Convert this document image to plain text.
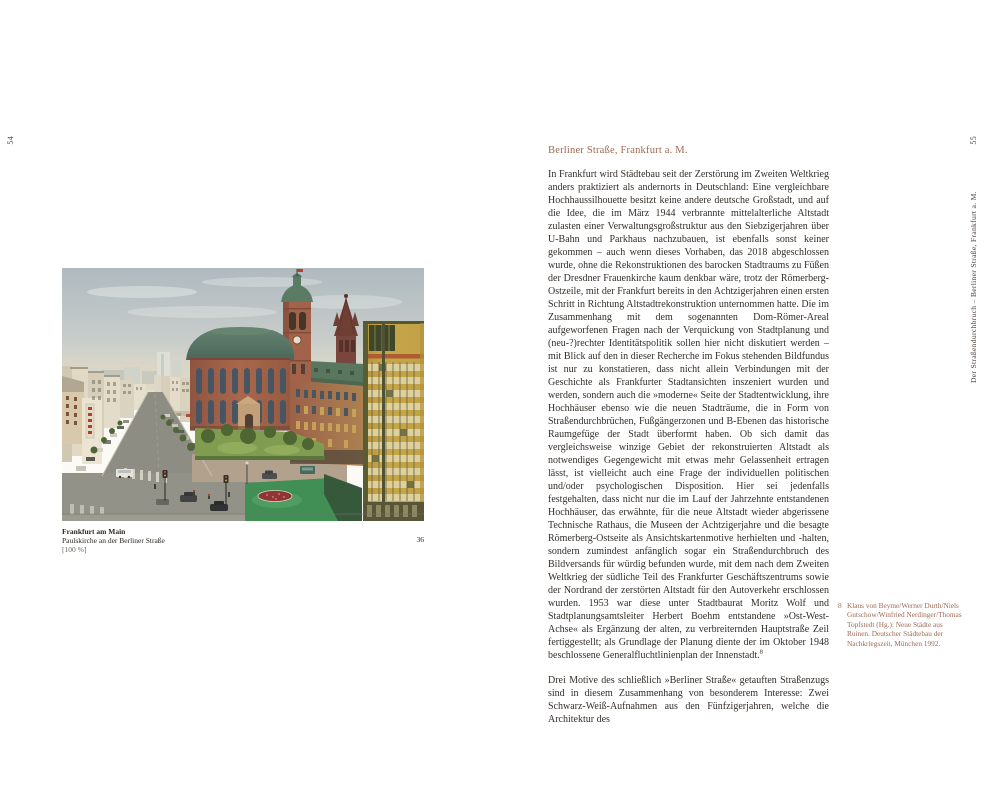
54
Frankfurt am Main
Paulskirche an der Berliner Straße
[100 %]
36
Berliner Straße, Frankfurt a. M.

In Frankfurt wird Städtebau seit der Zerstörung im Zweiten Weltkrieg anders praktiziert als andernorts in Deutschland: Eine vergleichbare Hochhaussilhouette besitzt keine andere deutsche Großstadt, und auf die Idee, die im März 1944 verbrannte mittelalterliche Altstadt zulasten einer Verwaltungsgroßstruktur aus den Siebzigerjahren über U-Bahn und Parkhaus nachzubauen, ist ebenfalls sonst keiner gekommen – auch wenn dieses Vorhaben, das 2018 abgeschlossen wurde, ohne die Rekonstruktionen des barocken Stadtraums zu Füßen der Dresdner Frauenkirche kaum denkbar wäre, trotz der Römerberg-Ostzeile, mit der Frankfurt bereits in den Achtzigerjahren einen ersten Schritt in Richtung Altstadtrekonstruktion unternommen hatte. Die im Zusammenhang mit dem sogenannten Dom-Römer-Areal aufgeworfenen Fragen nach der Verquickung von Stadtplanung und (neu-?)rechter Identitätspolitik sollen hier nicht diskutiert werden – mit Blick auf den in dieser Recherche im Fokus stehenden Bildfundus ist nur zu konstatieren, dass nicht allein Verbindungen mit der Geschichte als Frankfurter Stadtansichten inszeniert wurden und werden, sondern auch die »moderne« Seite der Stadtentwicklung, ihre Hochhäuser ebenso wie die neuen Stadträume, die in Form von Straßendurchbrüchen, Fußgängerzonen und B-Ebenen das historische Raumgefüge der Stadt überformt haben. Ob sich damit das vergleichsweise winzige Gebiet der rekonstruierten Altstadt als notwendiges Gegengewicht mit etwas mehr Gelassenheit ertragen lässt, ist vielleicht auch eine Frage der individuellen politischen und/oder psychologischen Disposition. Hier sei jedenfalls festgehalten, dass nicht nur die im Lauf der Jahrzehnte entstandenen Hochhäuser, das erwähnte, für die neue Altstadt wieder abgerissene Technische Rathaus, die Museen der Achtzigerjahre und die besagte Römerberg-Ostseite als Ansichtskartenmotive herhielten und -halten, sondern zumindest anfänglich sogar ein Straßendurchbruch des Bildversands für würdig befunden wurde, mit dem nach dem Zweiten Weltkrieg der südliche Teil des Frankfurter Geschäftszentrums sowie der Nordrand der zerstörten Altstadt für den Autoverkehr erschlossen wurden. 1953 war diese unter Stadtbaurat Moritz Wolf und Stadtplanungsamtsleiter Herbert Boehm entstandene »Ost-West-Achse« als Ergänzung der alten, zu verbreiternden Hauptstraße Zeil fertiggestellt; als Grundlage der Planung diente der im Oktober 1948 beschlossene Generalfluchtlinienplan der Innenstadt.$^8$

Drei Motive des schließlich »Berliner Straße« getauften Straßenzugs sind in diesem Zusammenhang von besonderem Interesse: Zwei Schwarz-Weiß-Aufnahmen aus den Fünfzigerjahren, welche die Architektur des

8 Klaus von Beyme/Werner Durth/Niels Gutschow/Winfried Nerdinger/Thomas Topfstedt (Hg.): Neue Städte aus Ruinen. Deutscher Städtebau der Nachkriegszeit, München 1992.
Der Straßendurchbruch – Berliner Straße, Frankfurt a. M.
55
